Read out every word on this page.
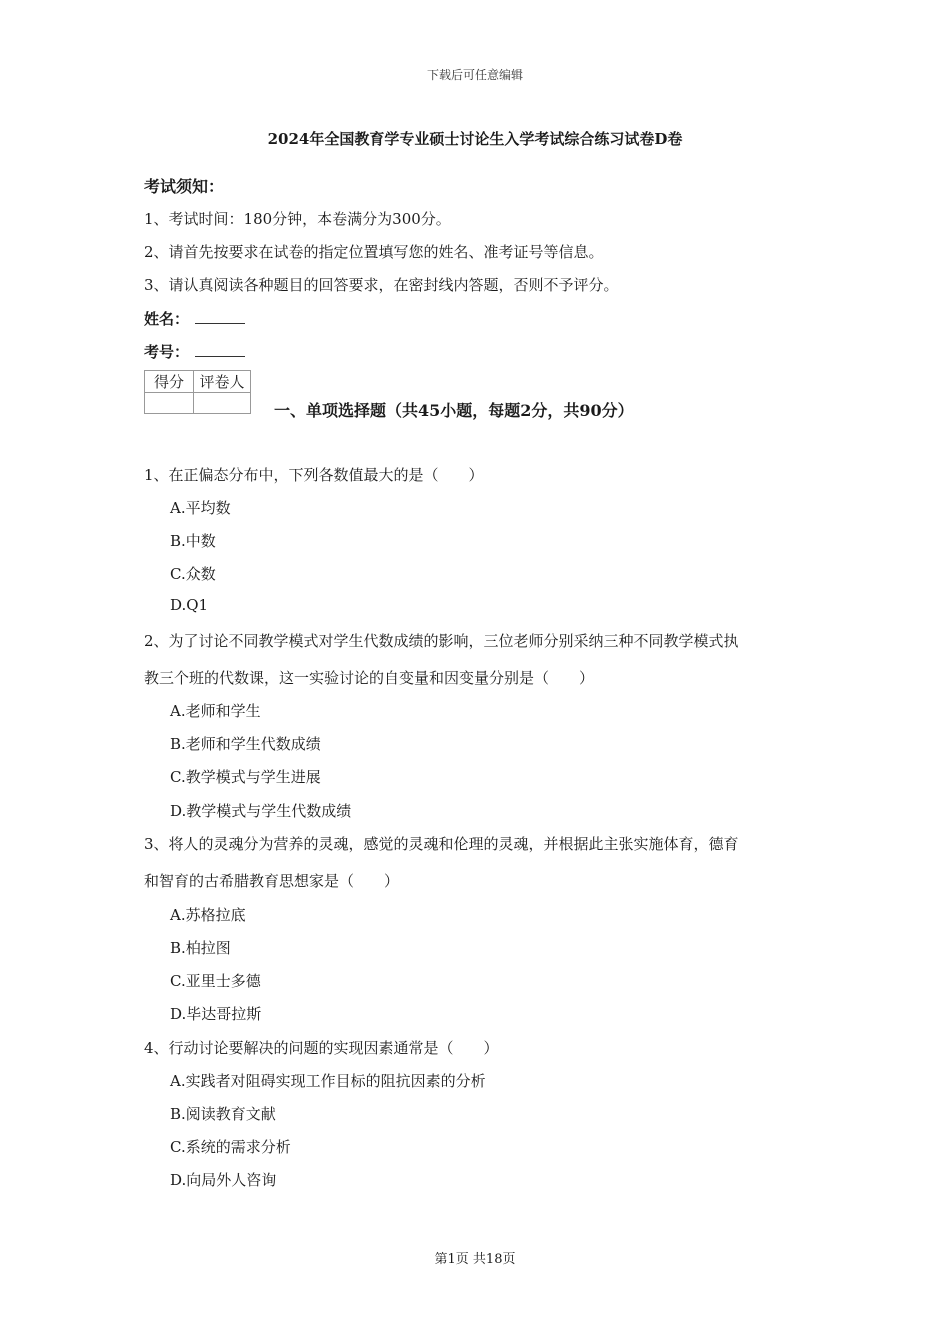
下载后可任意编辑
2024年全国教育学专业硕士讨论生入学考试综合练习试卷D卷
考试须知：
1、考试时间：180分钟，本卷满分为300分。
2、请首先按要求在试卷的指定位置填写您的姓名、准考证号等信息。
3、请认真阅读各种题目的回答要求，在密封线内答题，否则不予评分。
姓名：
考号：
得分	评卷人

一、单项选择题（共45小题，每题2分，共90分）
1、在正偏态分布中，下列各数值最大的是（　　）
A.平均数
B.中数
C.众数
D.Q1
2、为了讨论不同教学模式对学生代数成绩的影响，三位老师分别采纳三种不同教学模式执
教三个班的代数课，这一实验讨论的自变量和因变量分别是（　　）
A.老师和学生
B.老师和学生代数成绩
C.教学模式与学生进展
D.教学模式与学生代数成绩
3、将人的灵魂分为营养的灵魂，感觉的灵魂和伦理的灵魂，并根据此主张实施体育，德育
和智育的古希腊教育思想家是（　　）
A.苏格拉底
B.柏拉图
C.亚里士多德
D.毕达哥拉斯
4、行动讨论要解决的问题的实现因素通常是（　　）
A.实践者对阻碍实现工作目标的阻抗因素的分析
B.阅读教育文献
C.系统的需求分析
D.向局外人咨询
第1页 共18页
